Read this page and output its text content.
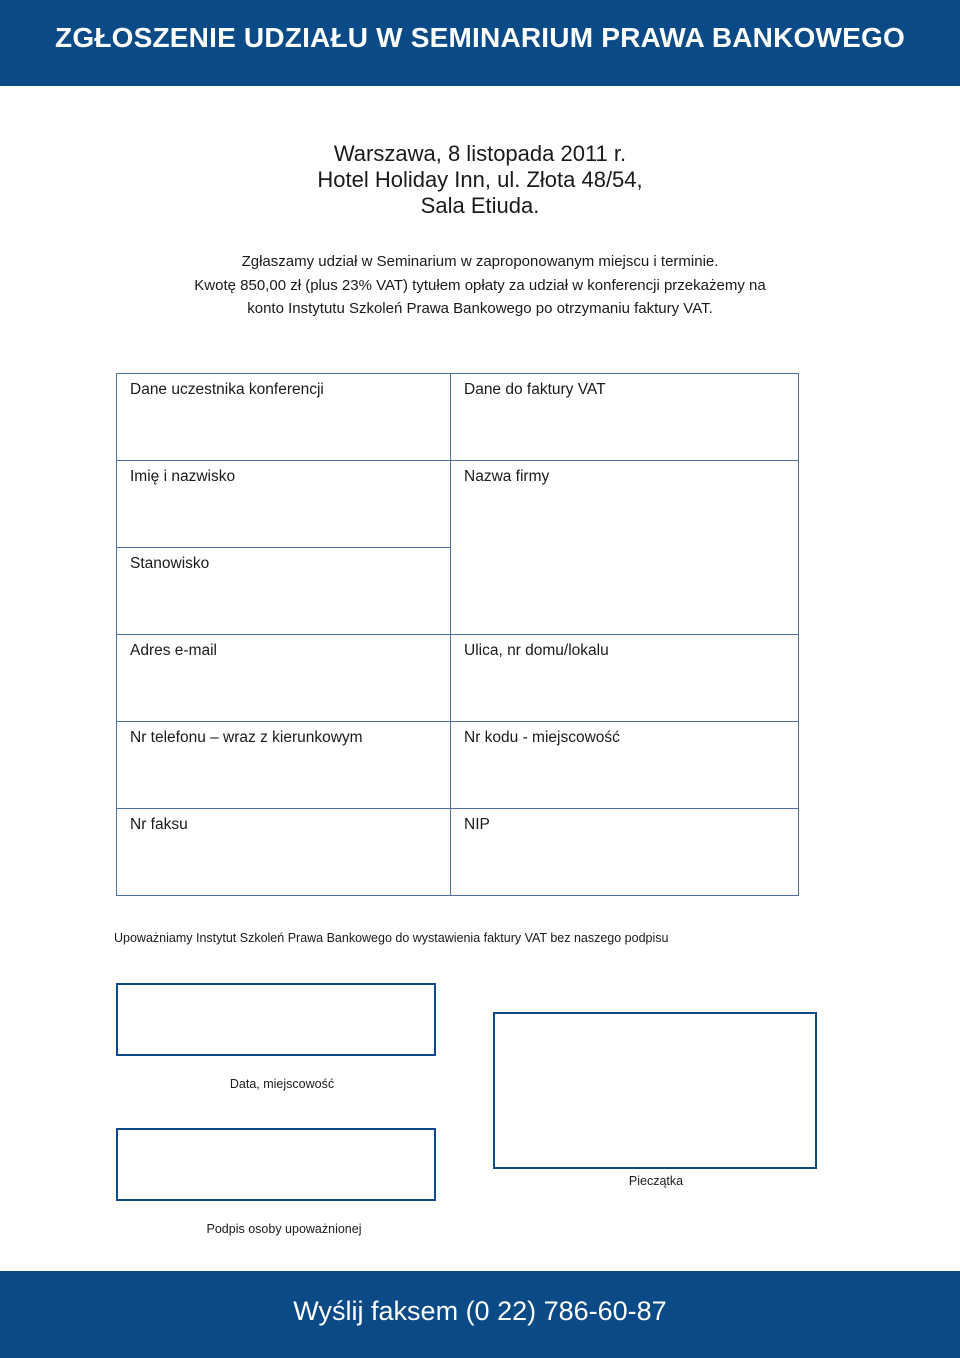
ZGŁOSZENIE UDZIAŁU W SEMINARIUM PRAWA BANKOWEGO
Warszawa, 8 listopada 2011 r.
Hotel Holiday Inn, ul. Złota 48/54,
Sala Etiuda.
Zgłaszamy udział w Seminarium w zaproponowanym miejscu i terminie.
Kwotę 850,00 zł (plus 23% VAT) tytułem opłaty za udział w konferencji przekażemy na
konto Instytutu Szkoleń Prawa Bankowego po otrzymaniu faktury VAT.
Dane uczestnika konferencji
Imię i nazwisko
Stanowisko
Adres e-mail
Nr telefonu – wraz z kierunkowym
Nr faksu
Dane do faktury VAT
Nazwa firmy
Ulica, nr domu/lokalu
Nr kodu - miejscowość
NIP
Upoważniamy Instytut Szkoleń Prawa Bankowego do wystawienia faktury VAT bez naszego podpisu
Data, miejscowość
Podpis osoby upoważnionej
Pieczątka
Wyślij faksem (0 22) 786-60-87
